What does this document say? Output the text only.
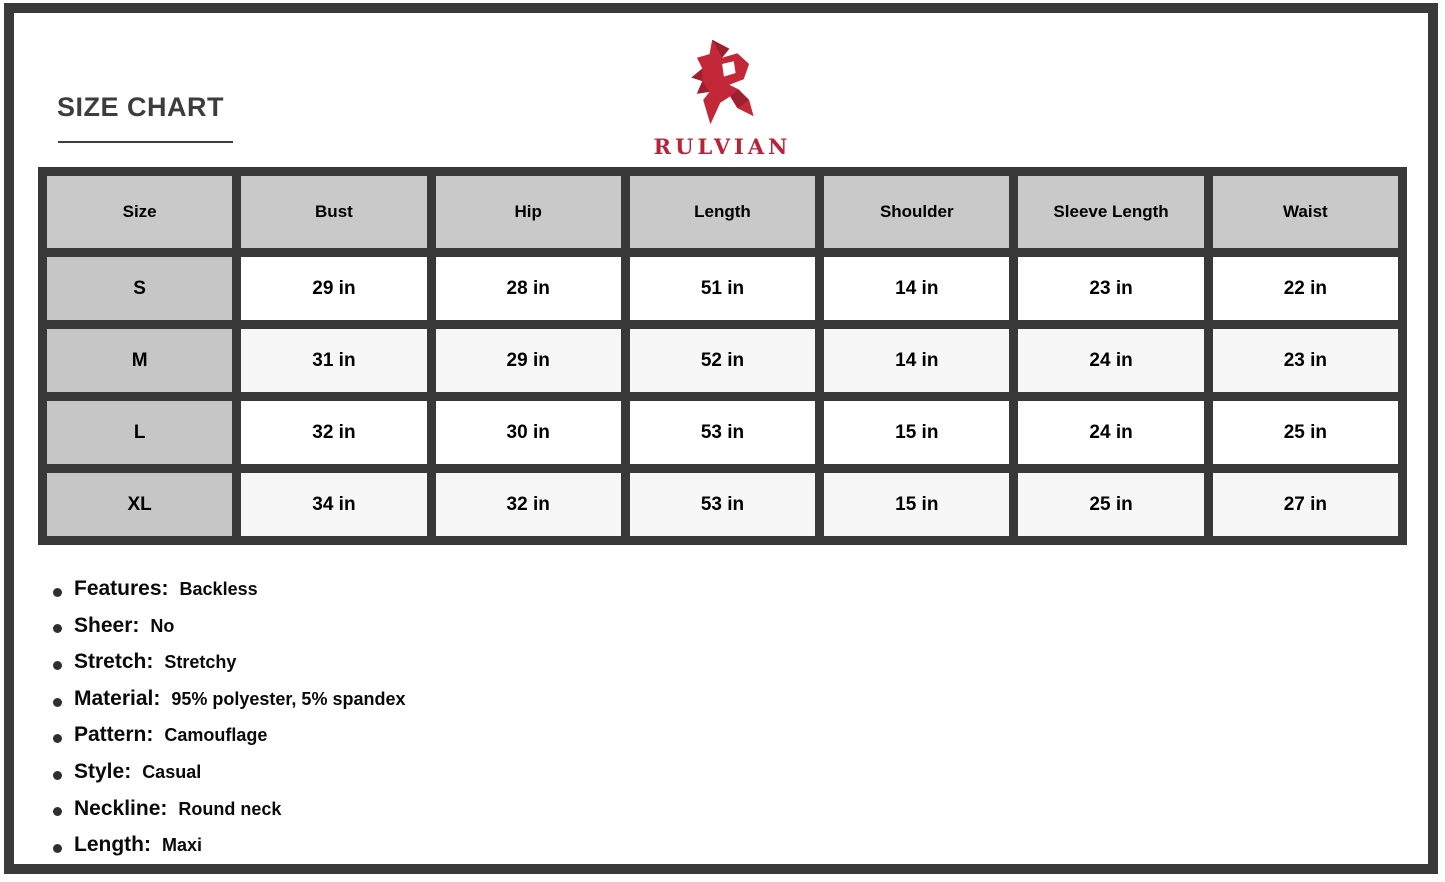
SIZE CHART
RULVIAN
Size	Bust	Hip	Length	Shoulder	Sleeve Length	Waist
S	29 in	28 in	51 in	14 in	23 in	22 in
M	31 in	29 in	52 in	14 in	24 in	23 in
L	32 in	30 in	53 in	15 in	24 in	25 in
XL	34 in	32 in	53 in	15 in	25 in	27 in
Features: Backless
Sheer: No
Stretch: Stretchy
Material: 95% polyester, 5% spandex
Pattern: Camouflage
Style: Casual
Neckline: Round neck
Length: Maxi
